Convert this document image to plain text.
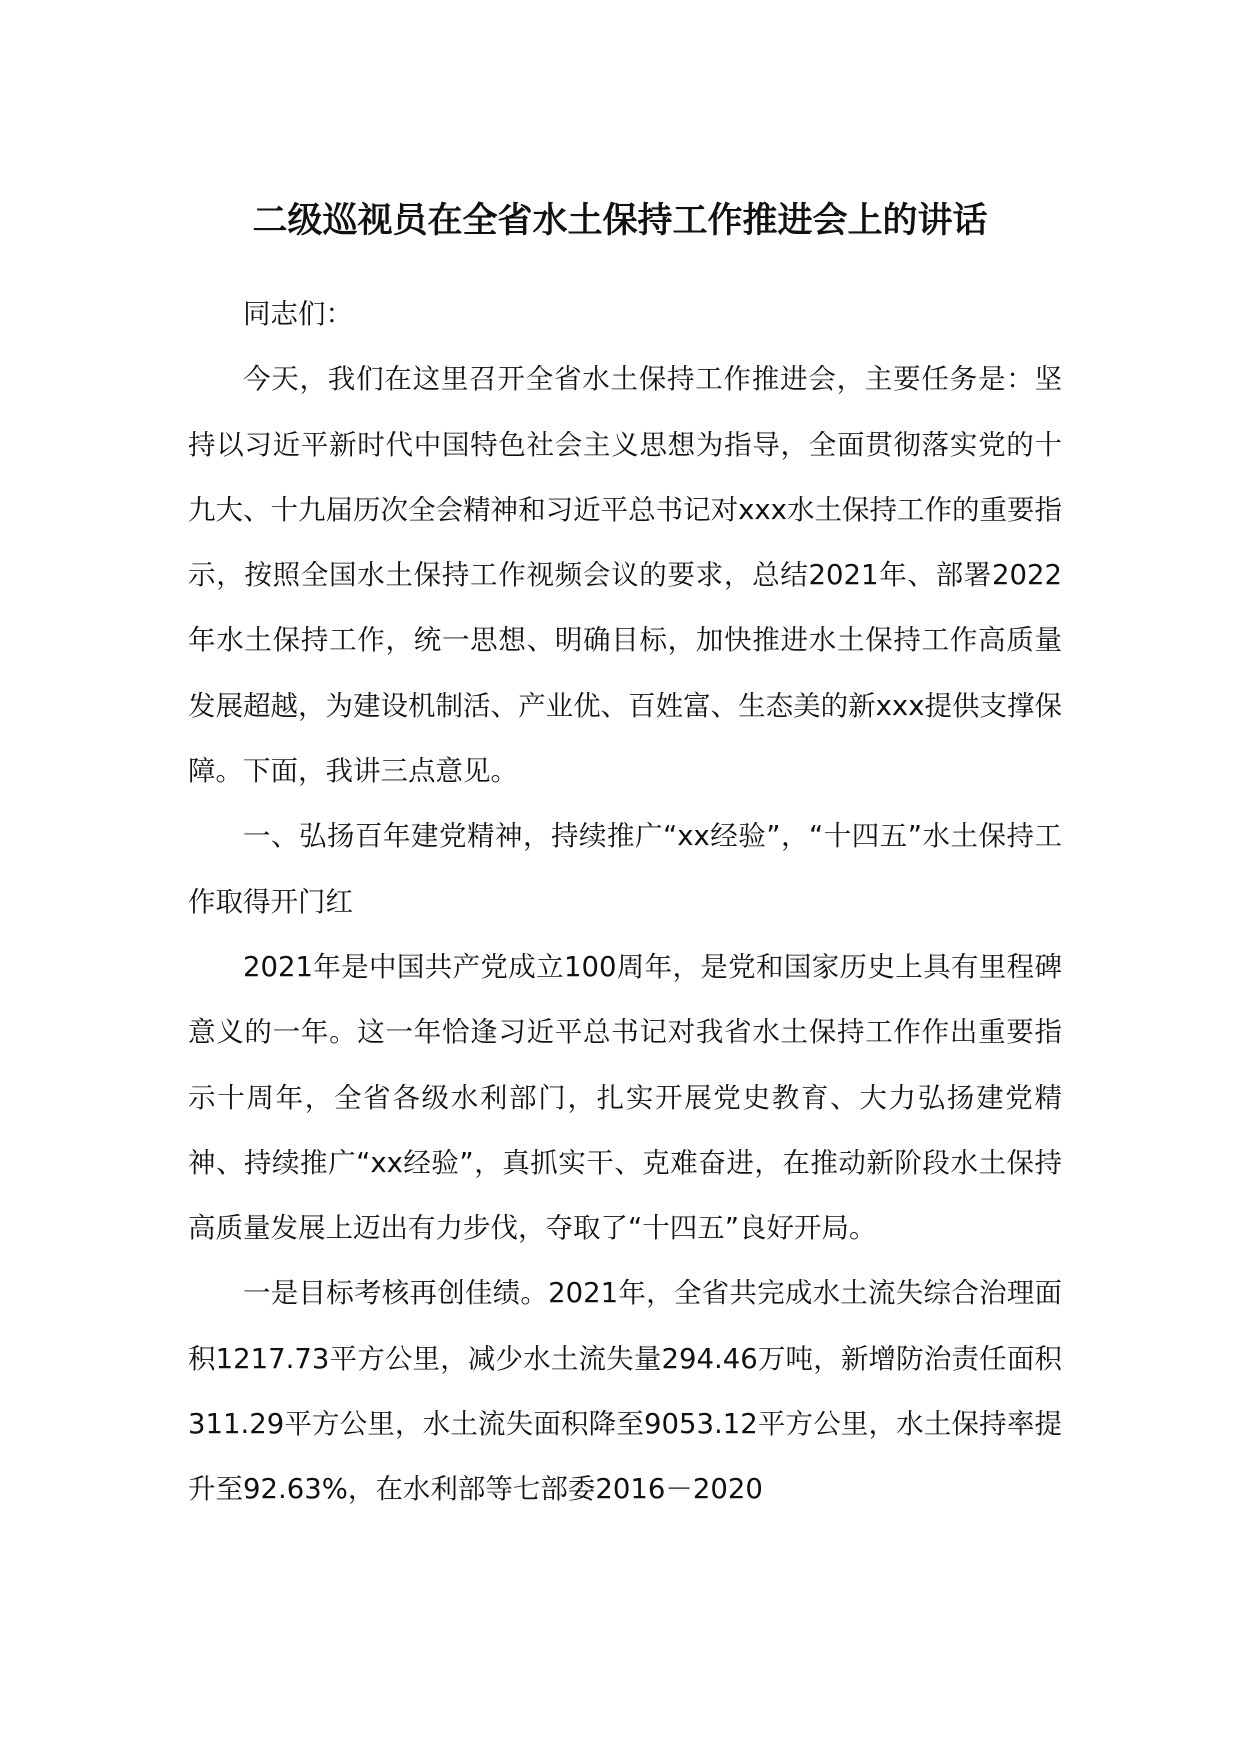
二级巡视员在全省水土保持工作推进会上的讲话

同志们：

今天，我们在这里召开全省水土保持工作推进会，主要任务是：坚持以习近平新时代中国特色社会主义思想为指导，全面贯彻落实党的十九大、十九届历次全会精神和习近平总书记对xxx水土保持工作的重要指示，按照全国水土保持工作视频会议的要求，总结2021年、部署2022年水土保持工作，统一思想、明确目标，加快推进水土保持工作高质量发展超越，为建设机制活、产业优、百姓富、生态美的新xxx提供支撑保障。下面，我讲三点意见。

一、弘扬百年建党精神，持续推广“xx经验”，“十四五”水土保持工作取得开门红

2021年是中国共产党成立100周年，是党和国家历史上具有里程碑意义的一年。这一年恰逢习近平总书记对我省水土保持工作作出重要指示十周年，全省各级水利部门，扎实开展党史教育、大力弘扬建党精神、持续推广“xx经验”，真抓实干、克难奋进，在推动新阶段水土保持高质量发展上迈出有力步伐，夺取了“十四五”良好开局。

一是目标考核再创佳绩。2021年，全省共完成水土流失综合治理面积1217.73平方公里，减少水土流失量294.46万吨，新增防治责任面积311.29平方公里，水土流失面积降至9053.12平方公里，水土保持率提升至92.63%，在水利部等七部委2016－2020
